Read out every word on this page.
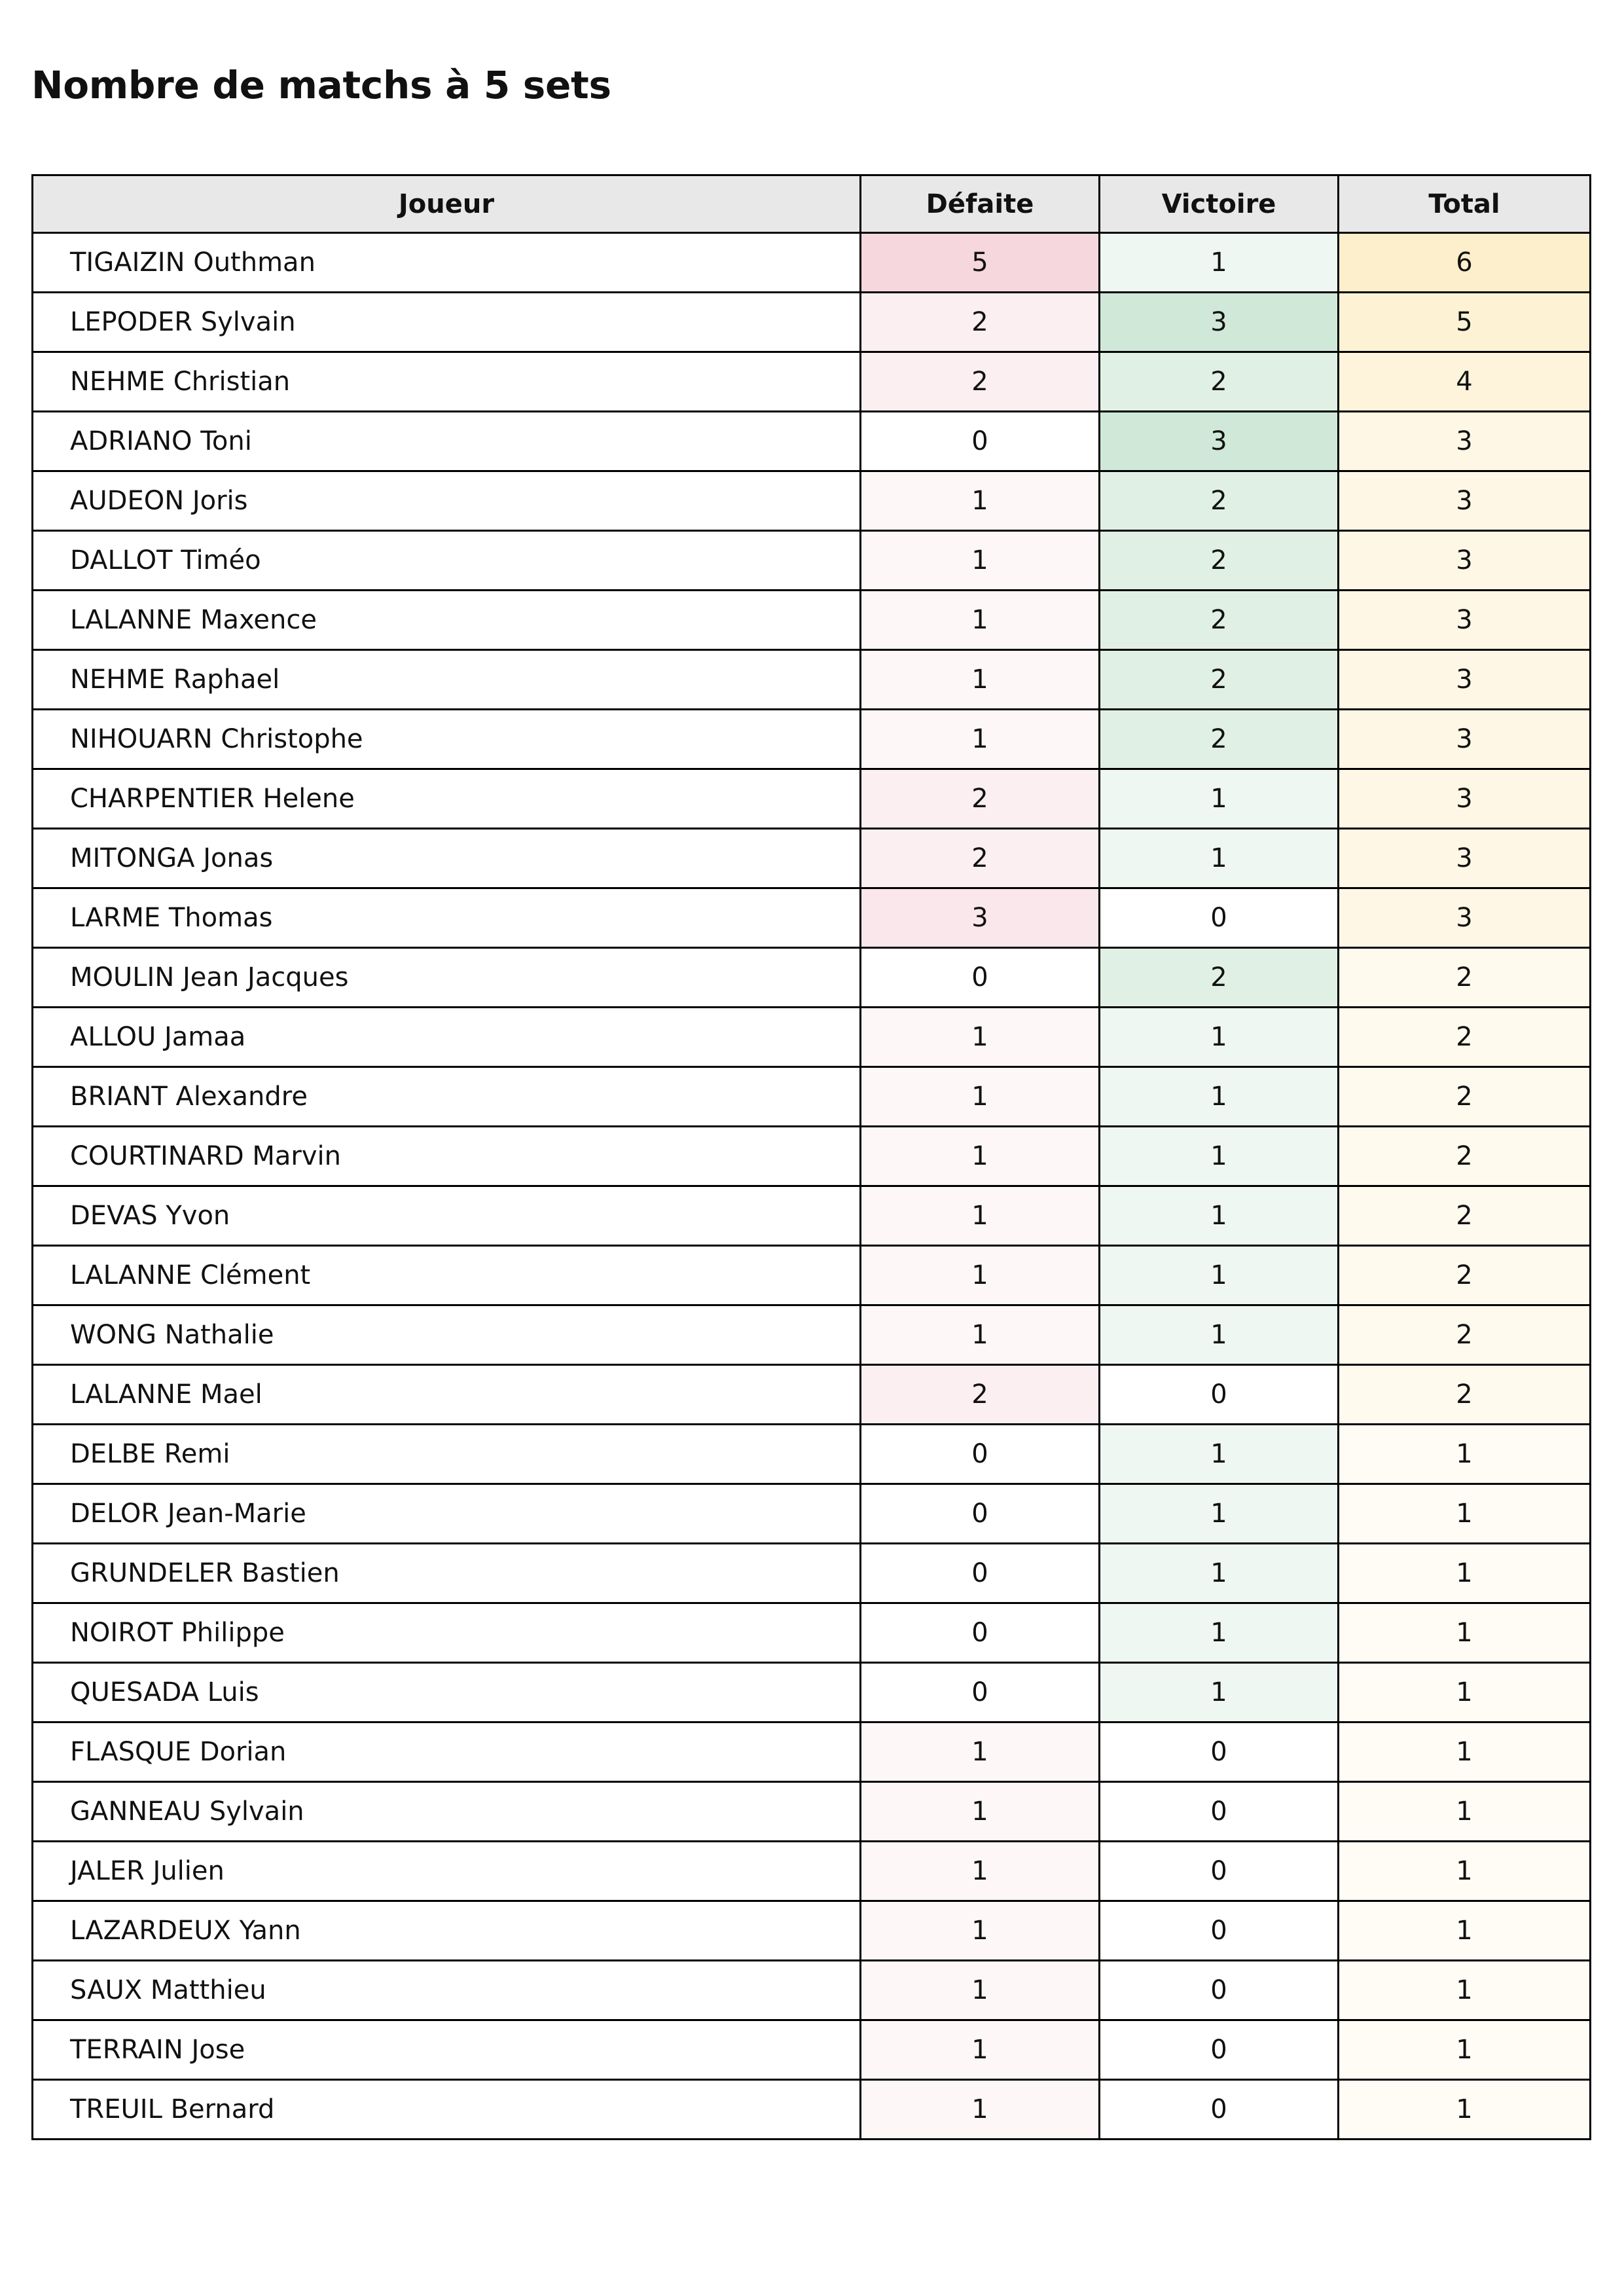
Nombre de matchs à 5 sets
Joueur	Défaite	Victoire	Total
TIGAIZIN Outhman	5	1	6
LEPODER Sylvain	2	3	5
NEHME Christian	2	2	4
ADRIANO Toni	0	3	3
AUDEON Joris	1	2	3
DALLOT Timéo	1	2	3
LALANNE Maxence	1	2	3
NEHME Raphael	1	2	3
NIHOUARN Christophe	1	2	3
CHARPENTIER Helene	2	1	3
MITONGA Jonas	2	1	3
LARME Thomas	3	0	3
MOULIN Jean Jacques	0	2	2
ALLOU Jamaa	1	1	2
BRIANT Alexandre	1	1	2
COURTINARD Marvin	1	1	2
DEVAS Yvon	1	1	2
LALANNE Clément	1	1	2
WONG Nathalie	1	1	2
LALANNE Mael	2	0	2
DELBE Remi	0	1	1
DELOR Jean-Marie	0	1	1
GRUNDELER Bastien	0	1	1
NOIROT Philippe	0	1	1
QUESADA Luis	0	1	1
FLASQUE Dorian	1	0	1
GANNEAU Sylvain	1	0	1
JALER Julien	1	0	1
LAZARDEUX Yann	1	0	1
SAUX Matthieu	1	0	1
TERRAIN Jose	1	0	1
TREUIL Bernard	1	0	1
